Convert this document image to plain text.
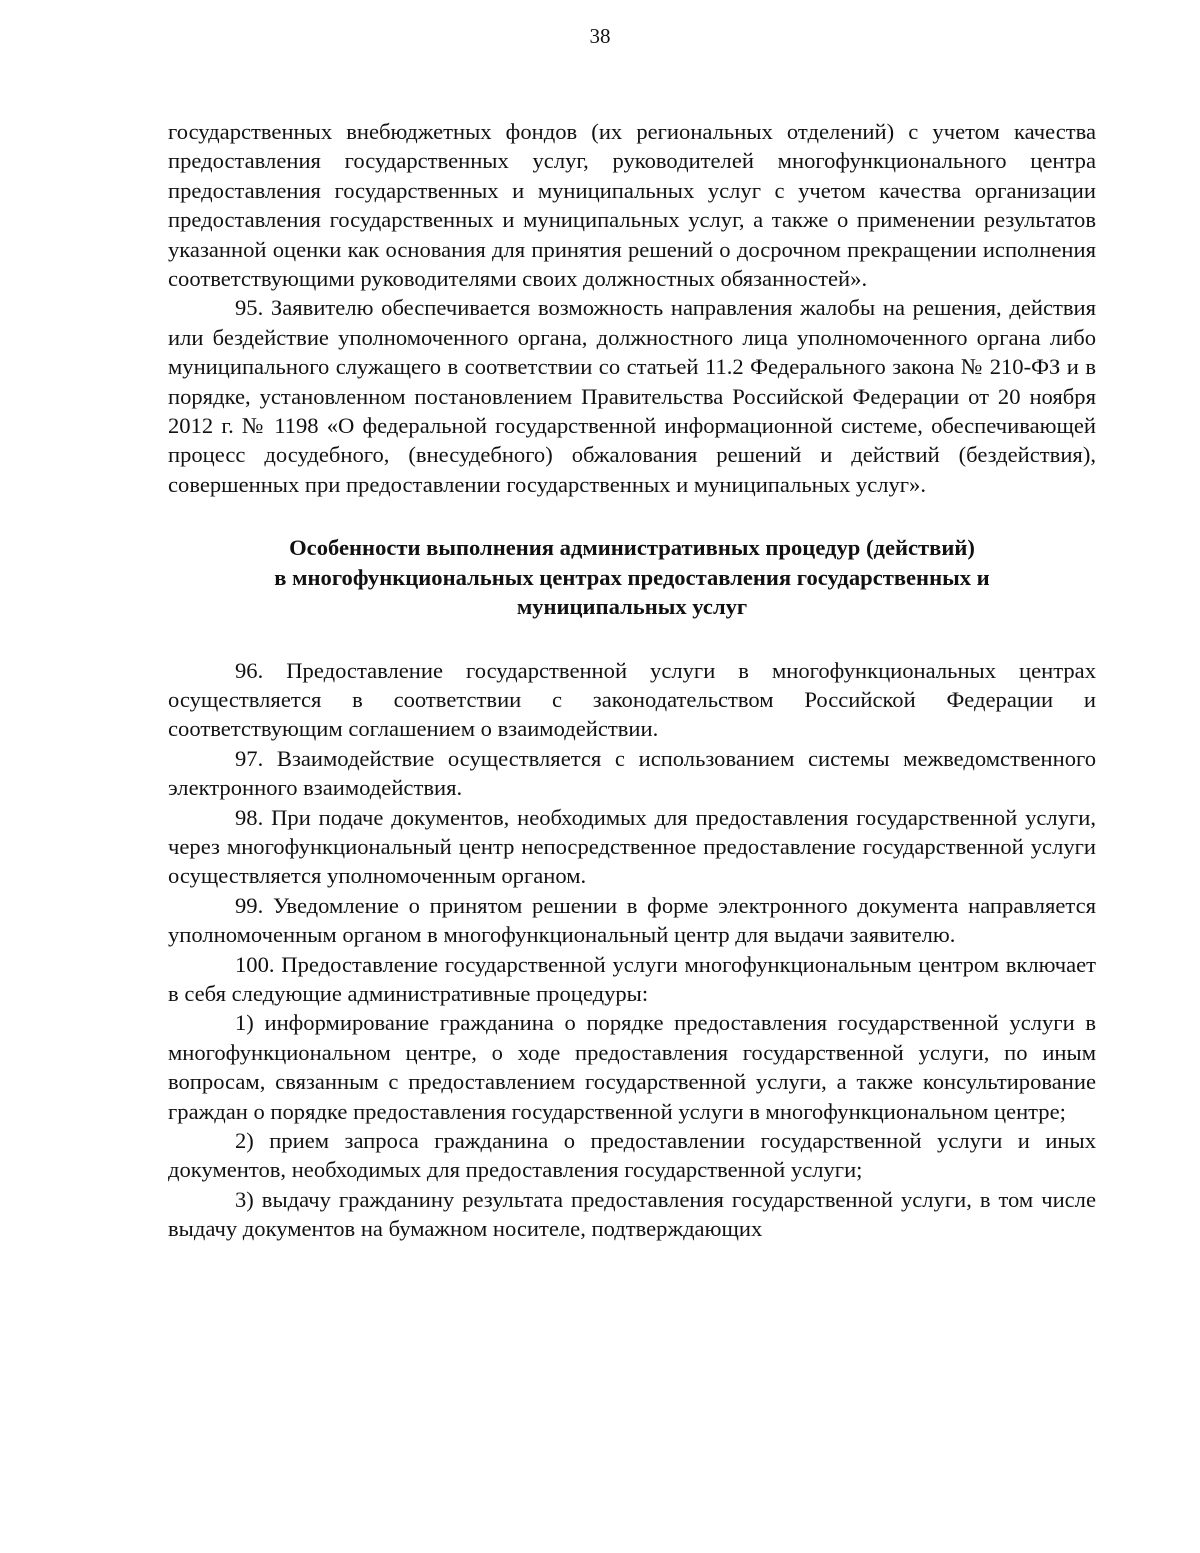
38

государственных внебюджетных фондов (их региональных отделений) с учетом качества предоставления государственных услуг, руководителей многофункционального центра предоставления государственных и муниципальных услуг с учетом качества организации предоставления государственных и муниципальных услуг, а также о применении результатов указанной оценки как основания для принятия решений о досрочном прекращении исполнения соответствующими руководителями своих должностных обязанностей».

95. Заявителю обеспечивается возможность направления жалобы на решения, действия или бездействие уполномоченного органа, должностного лица уполномоченного органа либо муниципального служащего в соответствии со статьей 11.2 Федерального закона № 210-ФЗ и в порядке, установленном постановлением Правительства Российской Федерации от 20 ноября 2012 г. № 1198 «О федеральной государственной информационной системе, обеспечивающей процесс досудебного, (внесудебного) обжалования решений и действий (бездействия), совершенных при предоставлении государственных и муниципальных услуг».

Особенности выполнения административных процедур (действий)
в многофункциональных центрах предоставления государственных и
муниципальных услуг

96. Предоставление государственной услуги в многофункциональных центрах осуществляется в соответствии с законодательством Российской Федерации и соответствующим соглашением о взаимодействии.

97. Взаимодействие осуществляется с использованием системы межведомственного электронного взаимодействия.

98. При подаче документов, необходимых для предоставления государственной услуги, через многофункциональный центр непосредственное предоставление государственной услуги осуществляется уполномоченным органом.

99. Уведомление о принятом решении в форме электронного документа направляется уполномоченным органом в многофункциональный центр для выдачи заявителю.

100. Предоставление государственной услуги многофункциональным центром включает в себя следующие административные процедуры:

1) информирование гражданина о порядке предоставления государственной услуги в многофункциональном центре, о ходе предоставления государственной услуги, по иным вопросам, связанным с предоставлением государственной услуги, а также консультирование граждан о порядке предоставления государственной услуги в многофункциональном центре;

2) прием запроса гражданина о предоставлении государственной услуги и иных документов, необходимых для предоставления государственной услуги;

3) выдачу гражданину результата предоставления государственной услуги, в том числе выдачу документов на бумажном носителе, подтверждающих
